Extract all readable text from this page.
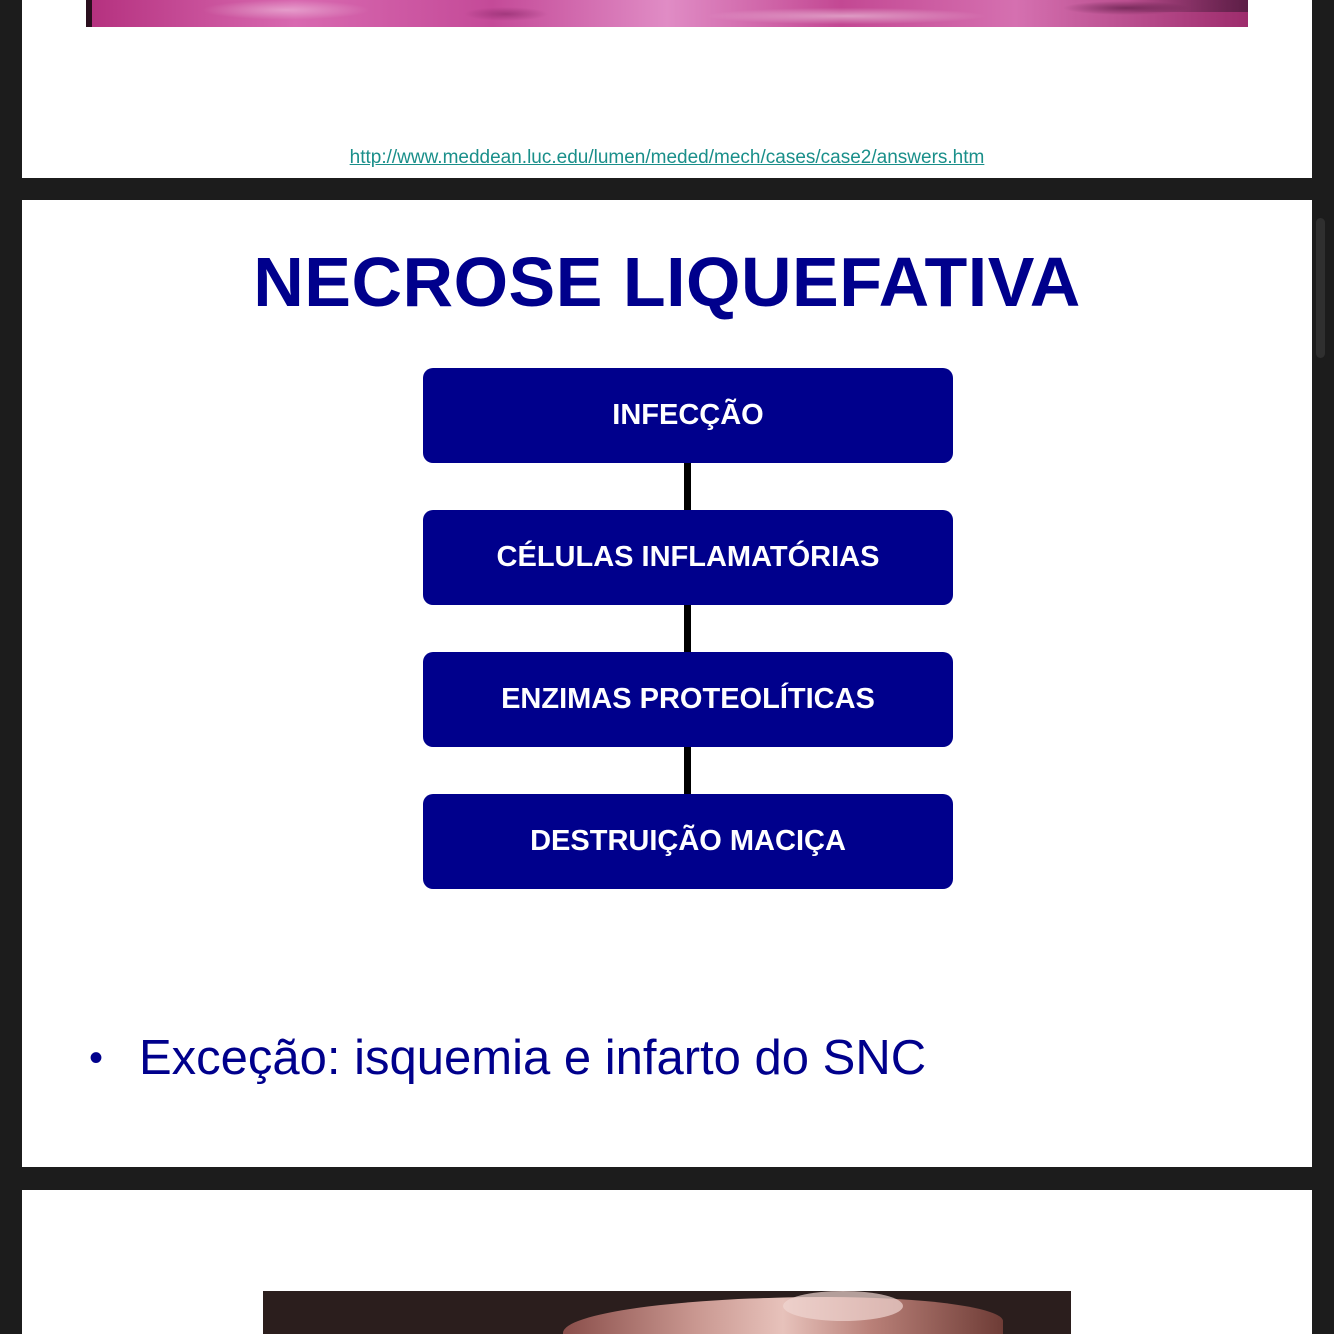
http://www.meddean.luc.edu/lumen/meded/mech/cases/case2/answers.htm
NECROSE LIQUEFATIVA
INFECÇÃO
CÉLULAS INFLAMATÓRIAS
ENZIMAS PROTEOLÍTICAS
DESTRUIÇÃO MACIÇA
• Exceção: isquemia e infarto do SNC
